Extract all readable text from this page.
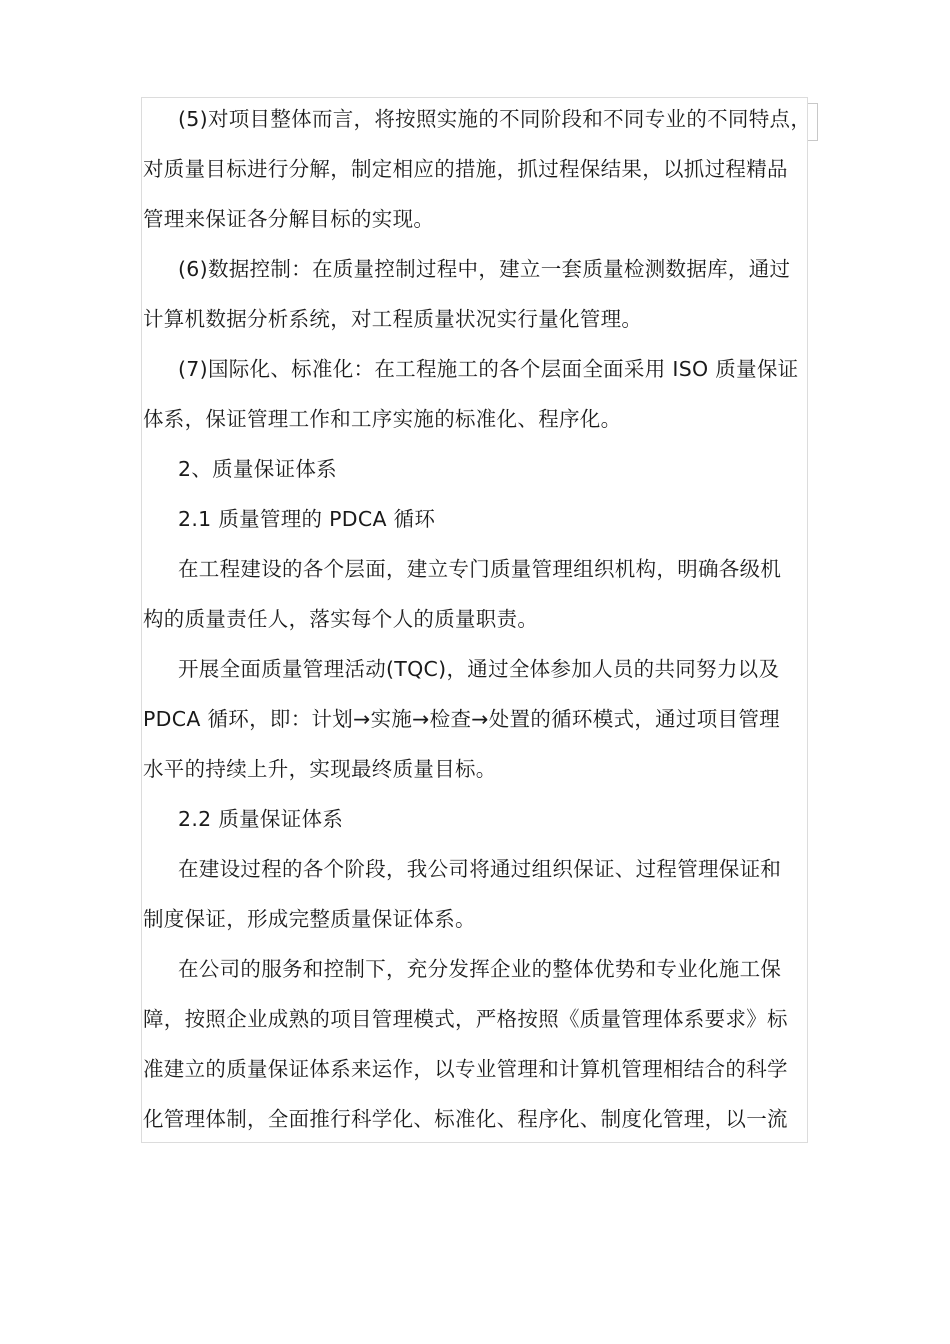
(5)对项目整体而言，将按照实施的不同阶段和不同专业的不同特点，
对质量目标进行分解，制定相应的措施，抓过程保结果，以抓过程精品
管理来保证各分解目标的实现。
(6)数据控制：在质量控制过程中，建立一套质量检测数据库，通过
计算机数据分析系统，对工程质量状况实行量化管理。
(7)国际化、标准化：在工程施工的各个层面全面采用 ISO 质量保证
体系，保证管理工作和工序实施的标准化、程序化。
2、质量保证体系
2.1 质量管理的 PDCA 循环
在工程建设的各个层面，建立专门质量管理组织机构，明确各级机
构的质量责任人，落实每个人的质量职责。
开展全面质量管理活动(TQC)，通过全体参加人员的共同努力以及
PDCA 循环，即：计划→实施→检查→处置的循环模式，通过项目管理
水平的持续上升，实现最终质量目标。
2.2 质量保证体系
在建设过程的各个阶段，我公司将通过组织保证、过程管理保证和
制度保证，形成完整质量保证体系。
在公司的服务和控制下，充分发挥企业的整体优势和专业化施工保
障，按照企业成熟的项目管理模式，严格按照《质量管理体系要求》标
准建立的质量保证体系来运作，以专业管理和计算机管理相结合的科学
化管理体制，全面推行科学化、标准化、程序化、制度化管理，以一流
